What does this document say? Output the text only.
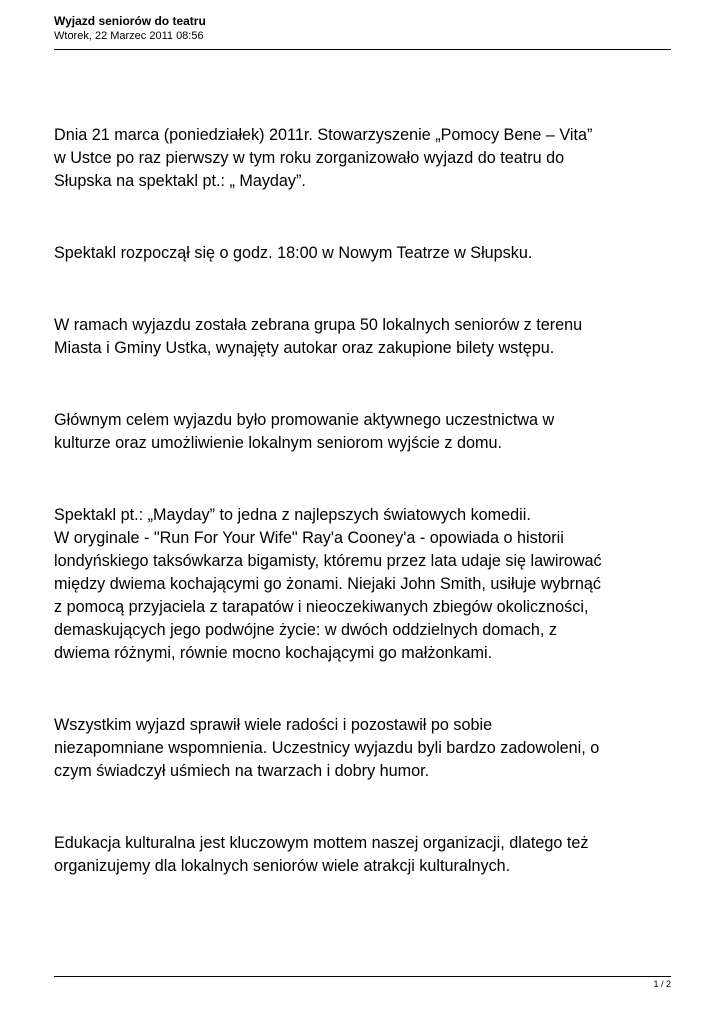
Wyjazd seniorów do teatru
Wtorek, 22 Marzec 2011 08:56

Dnia 21 marca (poniedziałek) 2011r. Stowarzyszenie „Pomocy Bene – Vita”
w Ustce po raz pierwszy w tym roku zorganizowało wyjazd do teatru do
Słupska na spektakl pt.: „ Mayday”.

Spektakl rozpoczął się o godz. 18:00 w Nowym Teatrze w Słupsku.

W ramach wyjazdu została zebrana grupa 50 lokalnych seniorów z terenu
Miasta i Gminy Ustka, wynajęty autokar oraz zakupione bilety wstępu.

Głównym celem wyjazdu było promowanie aktywnego uczestnictwa w
kulturze oraz umożliwienie lokalnym seniorom wyjście z domu.

Spektakl pt.: „Mayday” to jedna z najlepszych światowych komedii.
W oryginale - "Run For Your Wife" Ray'a Cooney'a - opowiada o historii
londyńskiego taksówkarza bigamisty, któremu przez lata udaje się lawirować
między dwiema kochającymi go żonami. Niejaki John Smith, usiłuje wybrnąć
z pomocą przyjaciela z tarapatów i nieoczekiwanych zbiegów okoliczności,
demaskujących jego podwójne życie: w dwóch oddzielnych domach, z
dwiema różnymi, równie mocno kochającymi go małżonkami.

Wszystkim wyjazd sprawił wiele radości i pozostawił po sobie
niezapomniane wspomnienia. Uczestnicy wyjazdu byli bardzo zadowoleni, o
czym świadczył uśmiech na twarzach i dobry humor.

Edukacja kulturalna jest kluczowym mottem naszej organizacji, dlatego też
organizujemy dla lokalnych seniorów wiele atrakcji kulturalnych.

1 / 2
